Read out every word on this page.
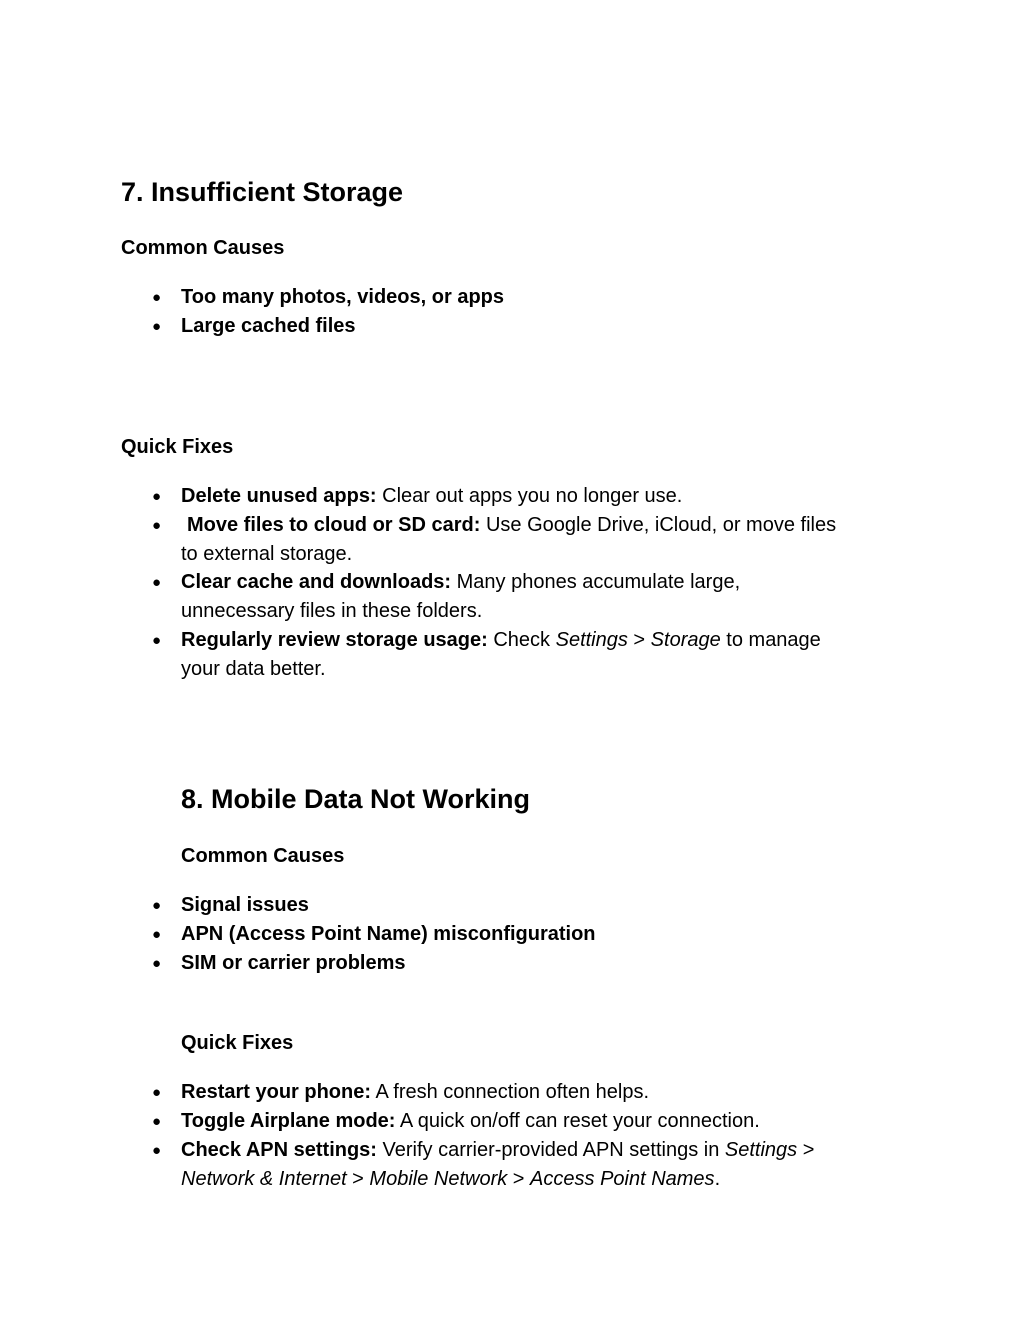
7. Insufficient Storage
Common Causes
● Too many photos, videos, or apps
● Large cached files
Quick Fixes
● Delete unused apps: Clear out apps you no longer use.
● Move files to cloud or SD card: Use Google Drive, iCloud, or move files
to external storage.
● Clear cache and downloads: Many phones accumulate large,
unnecessary files in these folders.
● Regularly review storage usage: Check Settings > Storage to manage
your data better.
8. Mobile Data Not Working
Common Causes
● Signal issues
● APN (Access Point Name) misconfiguration
● SIM or carrier problems
Quick Fixes
● Restart your phone: A fresh connection often helps.
● Toggle Airplane mode: A quick on/off can reset your connection.
● Check APN settings: Verify carrier-provided APN settings in Settings >
Network & Internet > Mobile Network > Access Point Names.
